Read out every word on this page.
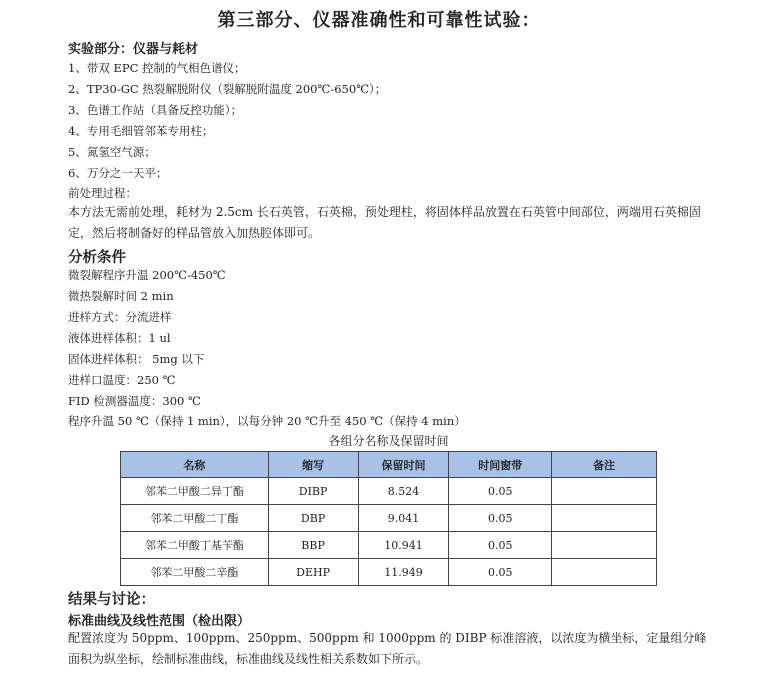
第三部分、仪器准确性和可靠性试验：
实验部分：仪器与耗材
1、带双 EPC 控制的气相色谱仪；
2、TP30-GC 热裂解脱附仪（裂解脱附温度 200℃-650℃）；
3、色谱工作站（具备反控功能）；
4、专用毛细管邻苯专用柱；
5、氮氢空气源；
6、万分之一天平；
前处理过程：
本方法无需前处理，耗材为 2.5cm 长石英管，石英棉，预处理柱，将固体样品放置在石英管中间部位，两端用石英棉固定，然后将制备好的样品管放入加热腔体即可。
分析条件
微裂解程序升温 200℃-450℃
微热裂解时间 2 min
进样方式：分流进样
液体进样体积：1 ul
固体进样体积： 5mg 以下
进样口温度：250 ℃
FID 检测器温度：300 ℃
程序升温 50 ℃（保持 1 min），以每分钟 20 ℃升至 450 ℃（保持 4 min）
各组分名称及保留时间
名称	缩写	保留时间	时间窗带	备注
邻苯二甲酸二异丁酯	DIBP	8.524	0.05	
邻苯二甲酸二丁酯	DBP	9.041	0.05	
邻苯二甲酸丁基苄酯	BBP	10.941	0.05	
邻苯二甲酸二辛酯	DEHP	11.949	0.05	
结果与讨论：
标准曲线及线性范围（检出限）
配置浓度为 50ppm、100ppm、250ppm、500ppm 和 1000ppm 的 DIBP 标准溶液，以浓度为横坐标，定量组分峰面积为纵坐标，绘制标准曲线，标准曲线及线性相关系数如下所示。
